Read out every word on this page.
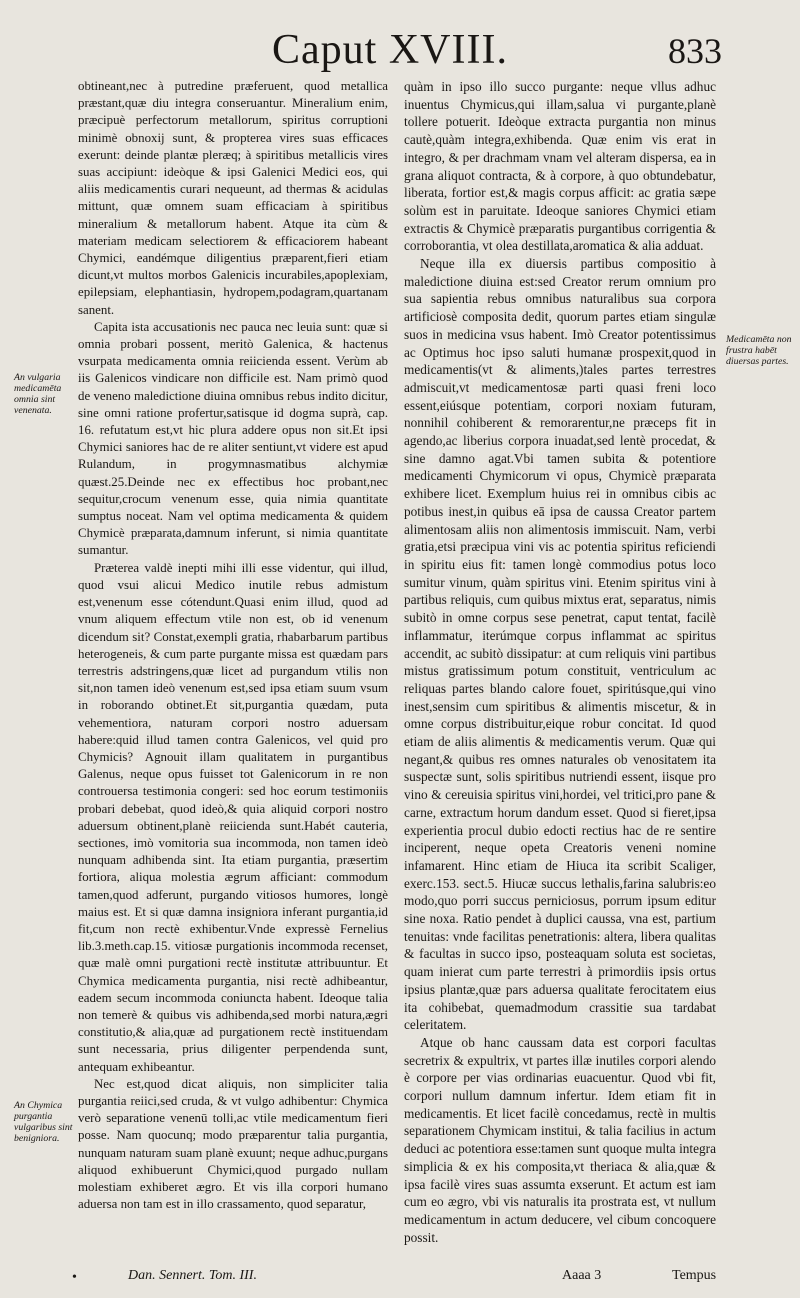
Caput XVIII.	833
An vulgaria medicamēta omnia sint venenata.
An Chymica purgantia vulgaribus sint benigniora.
Medicamēta non frustra habēt diuersas partes.

obtineant,nec à putredine præferuent, quod metallica præstant,quæ diu integra conseruantur. Mineralium enim, præcipuè perfectorum metallorum, spiritus corruptioni minimè obnoxij sunt, & propterea vires suas efficaces exerunt: deinde plantæ pleræq; à spiritibus metallicis vires suas accipiunt: ideòque & ipsi Galenici Medici eos, qui aliis medicamentis curari nequeunt, ad thermas & acidulas mittunt, quæ omnem suam efficaciam à spiritibus mineralium & metallorum habent. Atque ita cùm & materiam medicam selectiorem & efficaciorem habeant Chymici, eandémque diligentius præparent,fieri etiam dicunt,vt multos morbos Galenicis incurabiles,apoplexiam, epilepsiam, elephantiasin, hydropem,podagram,quartanam sanent.

Capita ista accusationis nec pauca nec leuia sunt: quæ si omnia probari possent, meritò Galenica, & hactenus vsurpata medicamenta omnia reiicienda essent. Verùm ab iis Galenicos vindicare non difficile est. Nam primò quod de veneno maledictione diuina omnibus rebus indito dicitur, sine omni ratione profertur,satisque id dogma suprà, cap. 16. refutatum est,vt hic plura addere opus non sit.Et ipsi Chymici saniores hac de re aliter sentiunt,vt videre est apud Rulandum, in progymnasmatibus alchymiæ quæst.25.Deinde nec ex effectibus hoc probant,nec sequitur,crocum venenum esse, quia nimia quantitate sumptus noceat. Nam vel optima medicamenta & quidem Chymicè præparata,damnum inferunt, si nimia quantitate sumantur.

Præterea valdè inepti mihi illi esse videntur, qui illud, quod vsui alicui Medico inutile rebus admistum est,venenum esse cótendunt.Quasi enim illud, quod ad vnum aliquem effectum vtile non est, ob id venenum dicendum sit? Constat,exempli gratia, rhabarbarum partibus heterogeneis, & cum parte purgante missa est quædam pars terrestris adstringens,quæ licet ad purgandum vtilis non sit,non tamen ideò venenum est,sed ipsa etiam suum vsum in roborando obtinet.Et sit,purgantia quædam, puta vehementiora, naturam corpori nostro aduersam habere:quid illud tamen contra Galenicos, vel quid pro Chymicis? Agnouit illam qualitatem in purgantibus Galenus, neque opus fuisset tot Galenicorum in re non controuersa testimonia congeri: sed hoc eorum testimoniis probari debebat, quod ideò,& quia aliquid corpori nostro aduersum obtinent,planè reiicienda sunt.Habét cauteria, sectiones, imò vomitoria sua incommoda, non tamen ideò nunquam adhibenda sint. Ita etiam purgantia, præsertim fortiora, aliqua molestia ægrum afficiant: commodum tamen,quod adferunt, purgando vitiosos humores, longè maius est. Et si quæ damna insigniora inferant purgantia,id fit,cum non rectè exhibentur.Vnde expressè Fernelius lib.3.meth.cap.15. vitiosæ purgationis incommoda recenset, quæ malè omni purgationi rectè institutæ attribuuntur. Et Chymica medicamenta purgantia, nisi rectè adhibeantur, eadem secum incommoda coniuncta habent. Ideoque talia non temerè & quibus vis adhibenda,sed morbi natura,ægri constitutio,& alia,quæ ad purgationem rectè instituendam sunt necessaria, prius diligenter perpendenda sunt, antequam exhibeantur.

Nec est,quod dicat aliquis, non simpliciter talia purgantia reiici,sed cruda, & vt vulgo adhibentur: Chymica verò separatione venenū tolli,ac vtile medicamentum fieri posse. Nam quocunq; modo præparentur talia purgantia, nunquam naturam suam planè exuunt; neque adhuc,purgans aliquod exhibuerunt Chymici,quod purgado nullam molestiam exhiberet ægro. Et vis illa corpori humano aduersa non tam est in illo crassamento, quod separatur,

quàm in ipso illo succo purgante: neque vllus adhuc inuentus Chymicus,qui illam,salua vi purgante,planè tollere potuerit. Ideòque extracta purgantia non minus cautè,quàm integra,exhibenda. Quæ enim vis erat in integro, & per drachmam vnam vel alteram dispersa, ea in grana aliquot contracta, & à corpore, à quo obtundebatur, liberata, fortior est,& magis corpus afficit: ac gratia sæpe solùm est in paruitate. Ideoque saniores Chymici etiam extractis & Chymicè præparatis purgantibus corrigentia & corroborantia, vt olea destillata,aromatica & alia adduat.

Neque illa ex diuersis partibus compositio à maledictione diuina est:sed Creator rerum omnium pro sua sapientia rebus omnibus naturalibus sua corpora artificiosè composita dedit, quorum partes etiam singulæ suos in medicina vsus habent. Imò Creator potentissimus ac Optimus hoc ipso saluti humanæ prospexit,quod in medicamentis(vt & aliments,)tales partes terrestres admiscuit,vt medicamentosæ parti quasi freni loco essent,eiúsque potentiam, corpori noxiam futuram, nonnihil cohiberent & remorarentur,ne præceps fit in agendo,ac liberius corpora inuadat,sed lentè procedat, & sine damno agat.Vbi tamen subita & potentiore medicamenti Chymicorum vi opus, Chymicè præparata exhibere licet. Exemplum huius rei in omnibus cibis ac potibus inest,in quibus eā ipsa de caussa Creator partem alimentosam aliis non alimentosis immiscuit. Nam, verbi gratia,etsi præcipua vini vis ac potentia spiritus reficiendi in spiritu eius fit: tamen longè commodius potus loco sumitur vinum, quàm spiritus vini. Etenim spiritus vini à partibus reliquis, cum quibus mixtus erat, separatus, nimis subitò in omne corpus sese penetrat, caput tentat, facilè inflammatur, iterúmque corpus inflammat ac spiritus accendit, ac subitò dissipatur: at cum reliquis vini partibus mistus gratissimum potum constituit, ventriculum ac reliquas partes blando calore fouet, spiritúsque,qui vino inest,sensim cum spiritibus & alimentis miscetur, & in omne corpus distribuitur,eique robur concitat. Id quod etiam de aliis alimentis & medicamentis verum. Quæ qui negant,& quibus res omnes naturales ob venositatem ita suspectæ sunt, solis spiritibus nutriendi essent, iisque pro vino & cereuisia spiritus vini,hordei, vel tritici,pro pane & carne, extractum horum dandum esset. Quod si fieret,ipsa experientia procul dubio edocti rectius hac de re sentire inciperent, neque opeta Creatoris veneni nomine infamarent. Hinc etiam de Hiuca ita scribit Scaliger, exerc.153. sect.5. Hiucæ succus lethalis,farina salubris:eo modo,quo porri succus perniciosus, porrum ipsum editur sine noxa. Ratio pendet à duplici caussa, vna est, partium tenuitas: vnde facilitas penetrationis: altera, libera qualitas & facultas in succo ipso, posteaquam soluta est societas, quam inierat cum parte terrestri à primordiis ipsis ortus ipsius plantæ,quæ pars aduersa qualitate ferocitatem eius ita cohibebat, quemadmodum crassitie sua tardabat celeritatem.

Atque ob hanc caussam data est corpori facultas secretrix & expultrix, vt partes illæ inutiles corpori alendo è corpore per vias ordinarias euacuentur. Quod vbi fit, corpori nullum damnum infertur. Idem etiam fit in medicamentis. Et licet facilè concedamus, rectè in multis separationem Chymicam institui, & talia facilius in actum deduci ac potentiora esse:tamen sunt quoque multa integra simplicia & ex his composita,vt theriaca & alia,quæ & ipsa facilè vires suas assumta exserunt. Et actum est iam cum eo ægro, vbi vis naturalis ita prostrata est, vt nullum medicamentum in actum deducere, vel cibum concoquere possit.

•	Dan. Sennert. Tom. III.	Aaaa 3	Tempus
